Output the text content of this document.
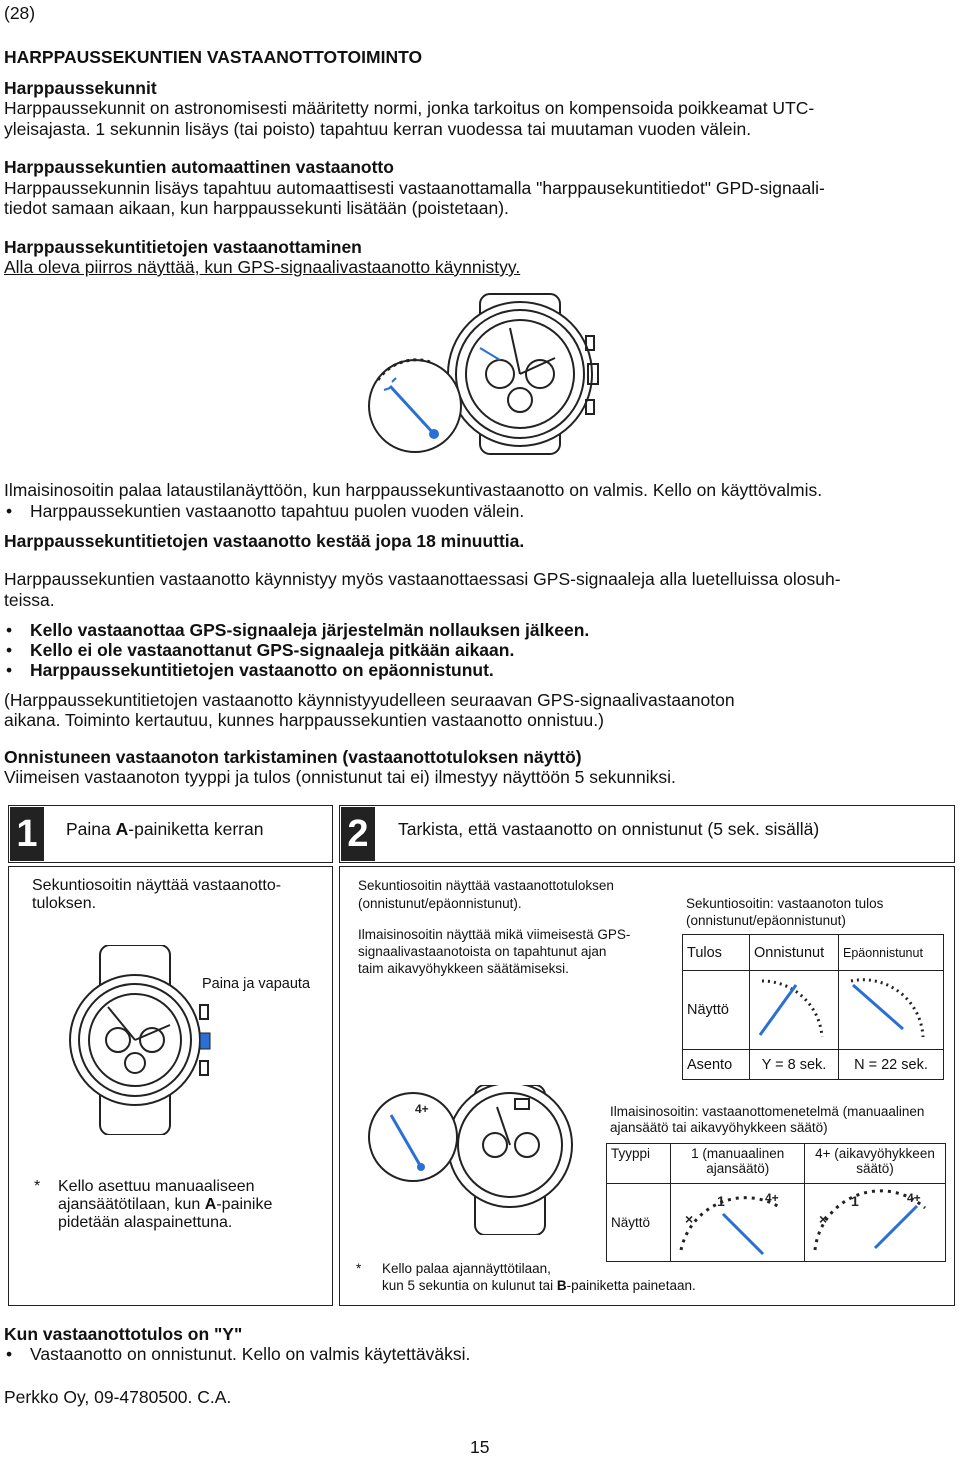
(28)
HARPPAUSSEKUNTIEN VASTAANOTTOTOIMINTO
Harppaussekunnit
Harppaussekunnit on astronomisesti määritetty normi, jonka tarkoitus on kompensoida poikkeamat UTC-
yleisajasta. 1 sekunnin lisäys (tai poisto) tapahtuu kerran vuodessa tai muutaman vuoden välein.
Harppaussekuntien automaattinen vastaanotto
Harppaussekunnin lisäys tapahtuu automaattisesti vastaanottamalla "harppausekuntitiedot" GPD-signaali-
tiedot samaan aikaan, kun harppaussekunti lisätään (poistetaan).
Harppaussekuntitietojen vastaanottaminen
Alla oleva piirros näyttää, kun GPS-signaalivastaanotto käynnistyy.
Ilmaisinosoitin palaa lataustilanäyttöön, kun harppaussekuntivastaanotto on valmis. Kello on käyttövalmis.
• Harppaussekuntien vastaanotto tapahtuu puolen vuoden välein.
Harppaussekuntitietojen vastaanotto kestää jopa 18 minuuttia.
Harppaussekuntien vastaanotto käynnistyy myös vastaanottaessasi GPS-signaaleja alla luetelluissa olosuh-
teissa.
• Kello vastaanottaa GPS-signaaleja järjestelmän nollauksen jälkeen.
• Kello ei ole vastaanottanut GPS-signaaleja pitkään aikaan.
• Harppaussekuntitietojen vastaanotto on epäonnistunut.
(Harppaussekuntitietojen vastaanotto käynnistyyudelleen seuraavan GPS-signaalivastaanoton
aikana. Toiminto kertautuu, kunnes harppaussekuntien vastaanotto onnistuu.)
Onnistuneen vastaanoton tarkistaminen (vastaanottotuloksen näyttö)
Viimeisen vastaanoton tyyppi ja tulos (onnistunut tai ei) ilmestyy näyttöön 5 sekunniksi.
1	Paina A-painiketta kerran
Sekuntiosoitin näyttää vastaanotto-
tuloksen.
Paina ja vapauta
* Kello asettuu manuaaliseen
ajansäätötilaan, kun A-painike
pidetään alaspainettuna.
2	Tarkista, että vastaanotto on onnistunut (5 sek. sisällä)
Sekuntiosoitin näyttää vastaanottotuloksen
(onnistunut/epäonnistunut).
Ilmaisinosoitin näyttää mikä viimeisestä GPS-
signaalivastaanotoista on tapahtunut ajan
taim aikavyöhykkeen säätämiseksi.
Sekuntiosoitin: vastaanoton tulos
(onnistunut/epäonnistunut)
Tulos	Onnistunut	Epäonnistunut
Näyttö		
Asento	Y = 8 sek.	N = 22 sek.
4+	Ilmaisinosoitin: vastaanottomenetelmä (manuaalinen
ajansäätö tai aikavyöhykkeen säätö)
Tyyppi	1 (manuaalinen
ajansäätö)	4+ (aikavyöhykkeen
säätö)
Näyttö	1 4+
×	1 4+
×
* Kello palaa ajannäyttötilaan,
kun 5 sekuntia on kulunut tai B-painiketta painetaan.
Kun vastaanottotulos on "Y"
• Vastaanotto on onnistunut. Kello on valmis käytettäväksi.
Perkko Oy, 09-4780500. C.A.
15
